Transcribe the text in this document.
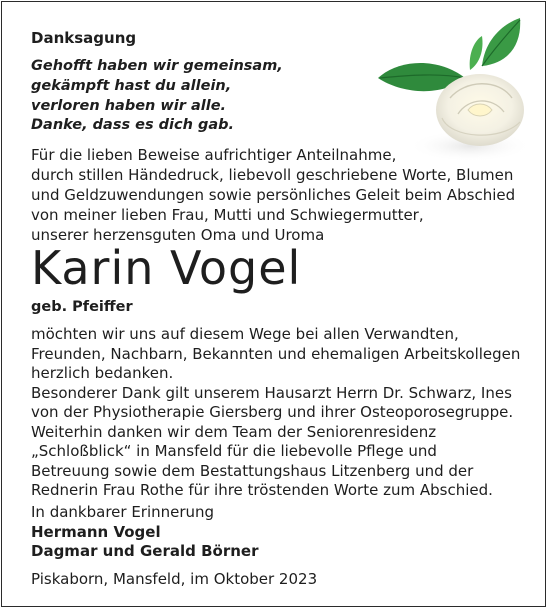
Danksagung
Gehofft haben wir gemeinsam,
gekämpft hast du allein,
verloren haben wir alle.
Danke, dass es dich gab.
Für die lieben Beweise aufrichtiger Anteilnahme,
durch stillen Händedruck, liebevoll geschriebene Worte, Blumen
und Geldzuwendungen sowie persönliches Geleit beim Abschied
von meiner lieben Frau, Mutti und Schwiegermutter,
unserer herzensguten Oma und Uroma
Karin Vogel
geb. Pfeiffer
möchten wir uns auf diesem Wege bei allen Verwandten,
Freunden, Nachbarn, Bekannten und ehemaligen Arbeitskollegen
herzlich bedanken.
Besonderer Dank gilt unserem Hausarzt Herrn Dr. Schwarz, Ines
von der Physiotherapie Giersberg und ihrer Osteoporosegruppe.
Weiterhin danken wir dem Team der Seniorenresidenz
„Schloßblick“ in Mansfeld für die liebevolle Pflege und
Betreuung sowie dem Bestattungshaus Litzenberg und der
Rednerin Frau Rothe für ihre tröstenden Worte zum Abschied.
In dankbarer Erinnerung
Hermann Vogel
Dagmar und Gerald Börner
Piskaborn, Mansfeld, im Oktober 2023
